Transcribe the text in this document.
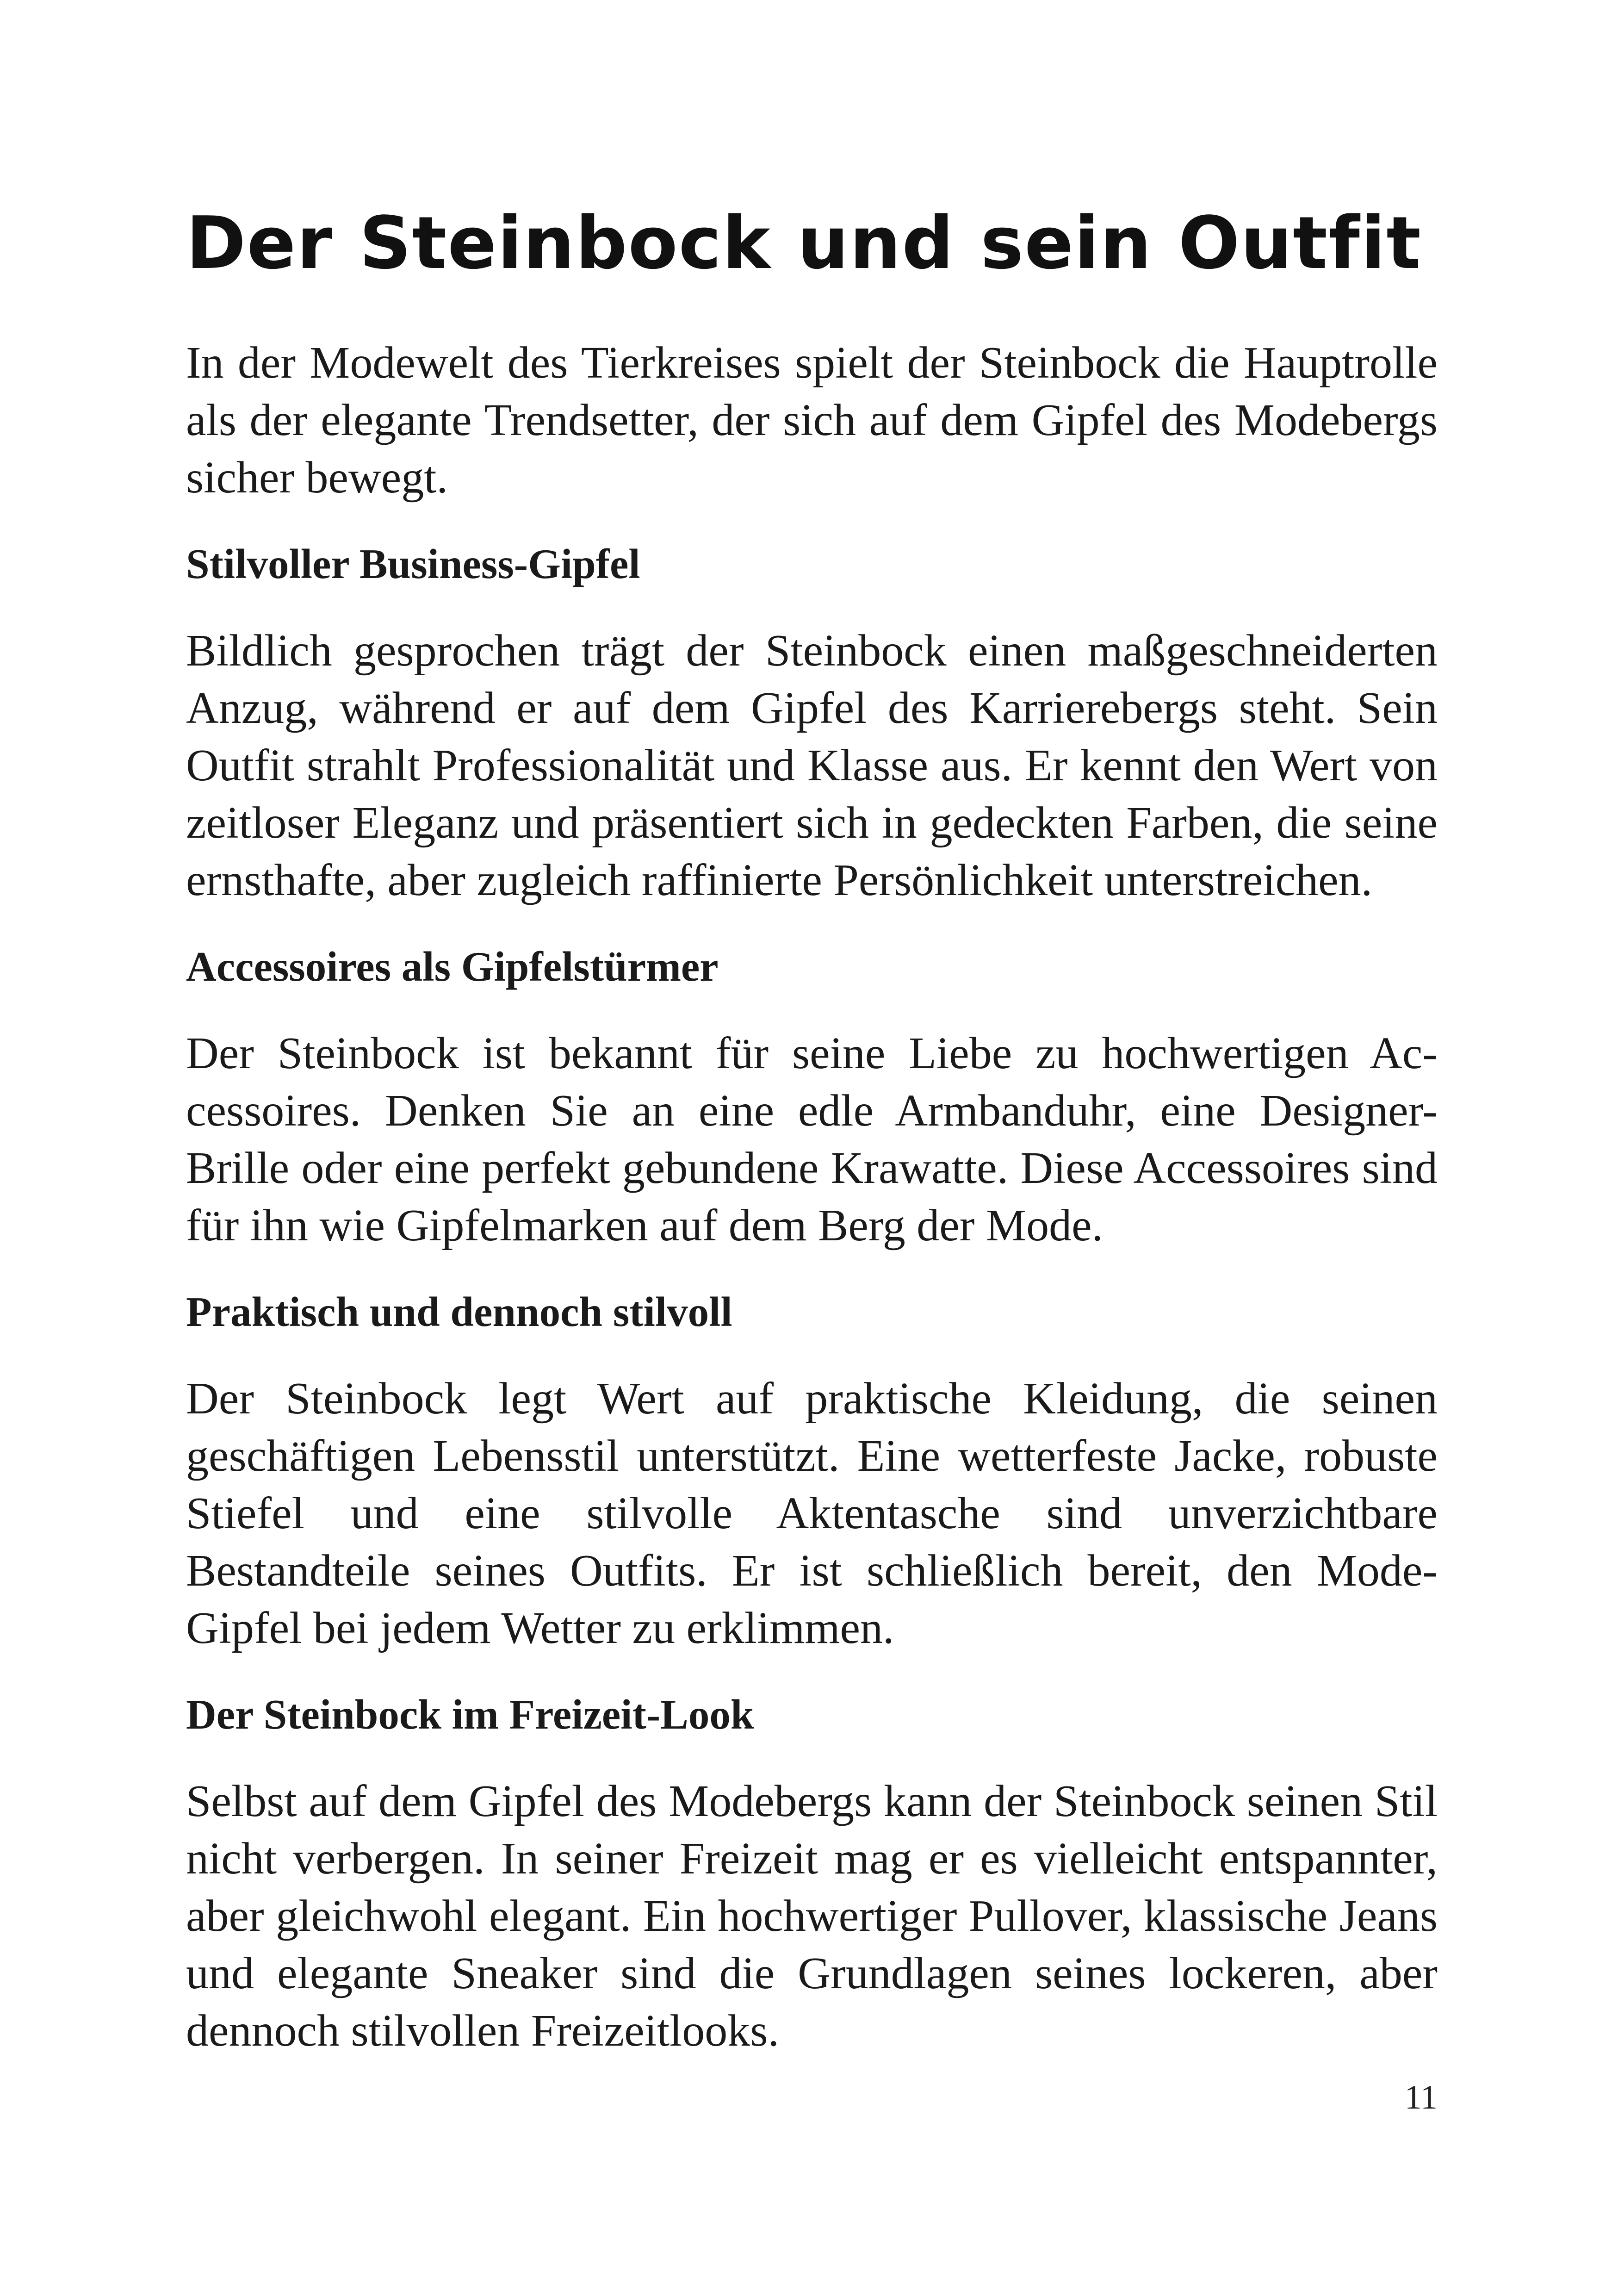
Der Steinbock und sein Outfit

In der Modewelt des Tierkreises spielt der Steinbock die Hauptrolle als der elegante Trendsetter, der sich auf dem Gipfel des Modebergs sicher bewegt.

Stilvoller Business-Gipfel

Bildlich gesprochen trägt der Steinbock einen maßgeschneiderten Anzug, während er auf dem Gipfel des Karrierebergs steht. Sein Outfit strahlt Professionalität und Klasse aus. Er kennt den Wert von zeitloser Eleganz und präsentiert sich in gedeckten Farben, die seine ernsthafte, aber zugleich raffinierte Persönlichkeit unterstreichen.

Accessoires als Gipfelstürmer

Der Steinbock ist bekannt für seine Liebe zu hochwertigen Accessoires. Denken Sie an eine edle Armbanduhr, eine Designer-Brille oder eine perfekt gebundene Krawatte. Diese Accessoires sind für ihn wie Gipfelmarken auf dem Berg der Mode.

Praktisch und dennoch stilvoll

Der Steinbock legt Wert auf praktische Kleidung, die seinen geschäftigen Lebensstil unterstützt. Eine wetterfeste Jacke, robuste Stiefel und eine stilvolle Aktentasche sind unverzichtbare Bestandteile seines Outfits. Er ist schließlich bereit, den Mode-Gipfel bei jedem Wetter zu erklimmen.

Der Steinbock im Freizeit-Look

Selbst auf dem Gipfel des Modebergs kann der Steinbock seinen Stil nicht verbergen. In seiner Freizeit mag er es vielleicht entspannter, aber gleichwohl elegant. Ein hochwertiger Pullover, klassische Jeans und elegante Sneaker sind die Grundlagen seines lockeren, aber dennoch stilvollen Freizeitlooks.

11
